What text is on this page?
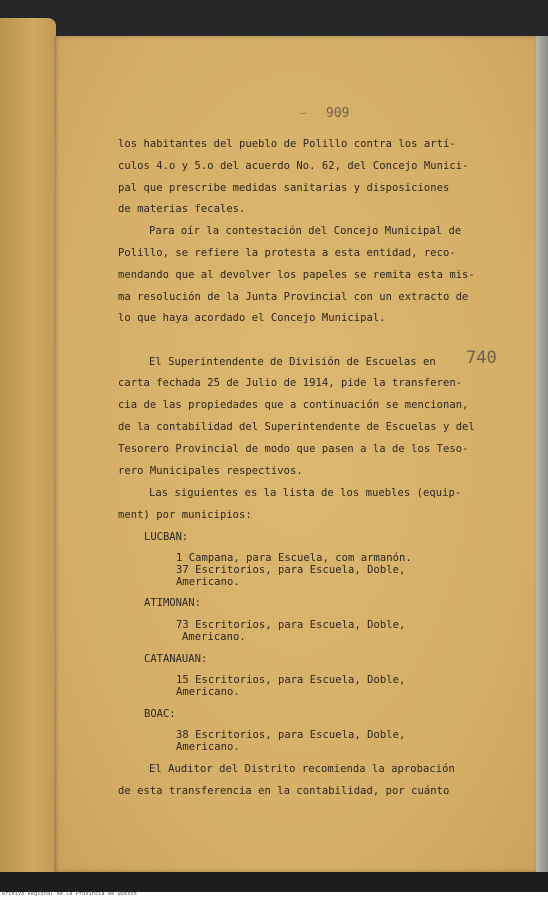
– 909
los habitantes del pueblo de Polillo contra los artí-
culos 4.o y 5.o del acuerdo No. 62, del Concejo Munici-
pal que prescribe medidas sanitarias y disposiciones
de materias fecales.
Para oír la contestación del Concejo Municipal de
Polillo, se refiere la protesta a esta entidad, reco-
mendando que al devolver los papeles se remita esta mis-
ma resolución de la Junta Provincial con un extracto de
lo que haya acordado el Concejo Municipal.
El Superintendente de División de Escuelas en 740
carta fechada 25 de Julio de 1914, pide la transferen-
cia de las propiedades que a continuación se mencionan,
de la contabilidad del Superintendente de Escuelas y del
Tesorero Provincial de modo que pasen a la de los Teso-
rero Municipales respectivos.
Las siguientes es la lista de los muebles (equip-
ment) por municipios:
LUCBAN:
1 Campana, para Escuela, com armanón.
37 Escritorios, para Escuela, Doble,
Americano.
ATIMONAN:
73 Escritorios, para Escuela, Doble,
Americano.
CATANAUAN:
15 Escritorios, para Escuela, Doble,
Americano.
BOAC:
38 Escritorios, para Escuela, Doble,
Americano.
El Auditor del Distrito recomienda la aprobación
de esta transferencia en la contabilidad, por cuánto
Archivo Regional de la Provincia de Quezón
